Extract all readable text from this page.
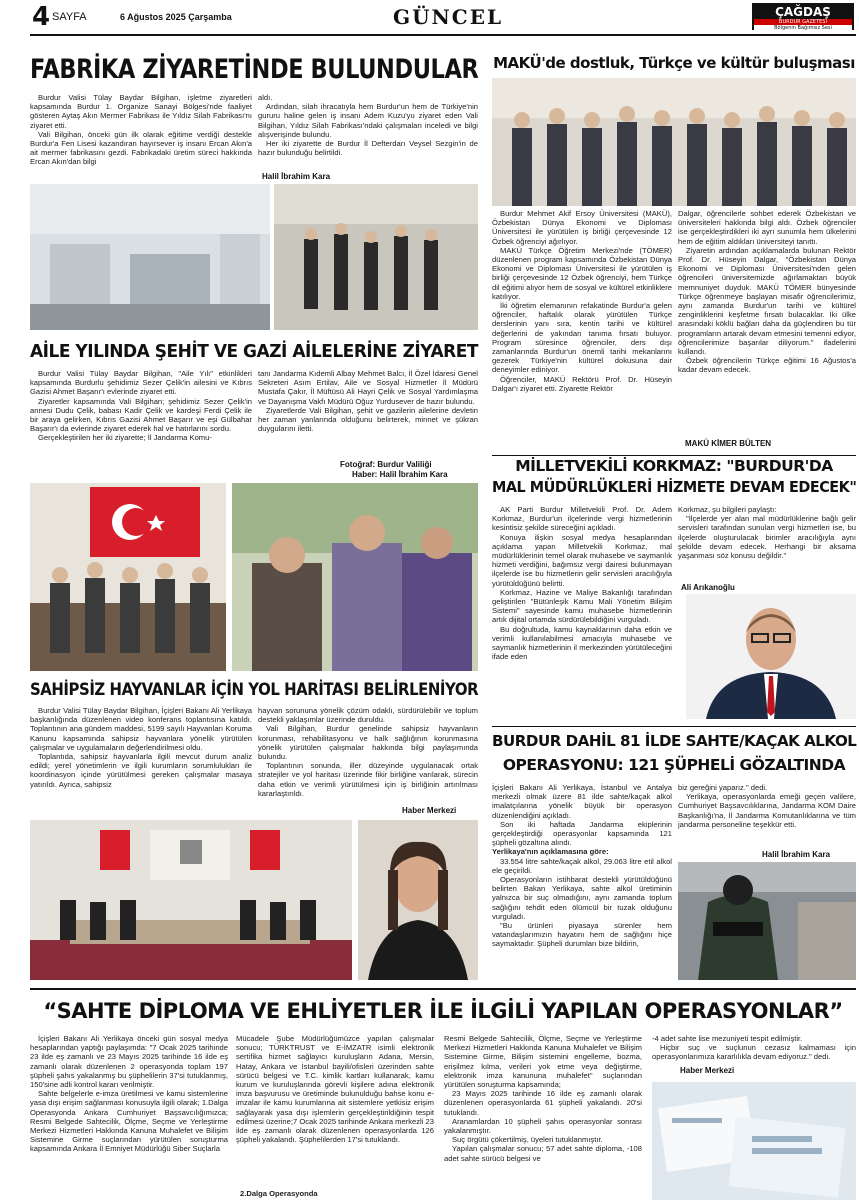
4 SAYFA	6 Ağustos 2025 Çarşamba	GÜNCEL	ÇAĞDAŞ
BURDUR GAZETESİ
Bölgenin Bağımsız Sesi
FABRİKA ZİYARETİNDE BULUNDULAR

Burdur Valisi Tülay Baydar Bilgihan, işletme ziyaretleri kapsamında Burdur 1. Organize Sanayi Bölgesi'nde faaliyet gösteren Aytaş Akın Mermer Fabrikası ile Yıldız Silah Fabrikası'nı ziyaret etti.

Vali Bilgihan, önceki gün ilk olarak eğitime verdiği destekle Burdur'a Fen Lisesi kazandıran hayırsever iş insanı Ercan Akın'a ait mermer fabrikasını gezdi. Fabrikadaki üretim süreci hakkında Ercan Akın'dan bilgi

aldı.

Ardından, silah ihracatıyla hem Burdur'un hem de Türkiye'nin gururu haline gelen iş insanı Adem Kuzu'yu ziyaret eden Vali Bilgihan, Yıldız Silah Fabrikası'ndaki çalışmaları inceledi ve bilgi alışverişinde bulundu.

Her iki ziyarette de Burdur İl Defterdarı Veysel Sezgin'in de hazır bulunduğu belirtildi.

Halil İbrahim Kara
MAKÜ'de dostluk, Türkçe ve kültür buluşması

Burdur Mehmet Akif Ersoy Üniversitesi (MAKÜ), Özbekistan Dünya Ekonomi ve Diploması Üniversitesi ile yürütülen iş birliği çerçevesinde 12 Özbek öğrenciyi ağırlıyor.

MAKÜ Türkçe Öğretim Merkezi'nde (TÖMER) düzenlenen program kapsamında Özbekistan Dünya Ekonomi ve Diploması Üniversitesi ile yürütülen iş birliği çerçevesinde 12 Özbek öğrenciyi, hem Türkçe dil eğitimi alıyor hem de sosyal ve kültürel etkinliklere katılıyor.

İki öğretim elemanının refakatinde Burdur'a gelen öğrenciler, haftalık olarak yürütülen Türkçe derslerinin yanı sıra, kentin tarihi ve kültürel değerlerini de yakından tanıma fırsatı buluyor. Program süresince öğrenciler, ders dışı zamanlarında Burdur'un önemli tarihi mekanlarını gezerek Türkiye'nin kültürel dokusuna dair deneyimler ediniyor.

Öğrenciler, MAKÜ Rektörü Prof. Dr. Hüseyin Dalgar'ı ziyaret etti. Ziyarette Rektör

Dalgar, öğrencilerle sohbet ederek Özbekistan ve üniversiteleri hakkında bilgi aldı. Özbek öğrenciler ise gerçekleştirdikleri iki ayrı sunumla hem ülkelerini hem de eğitim aldıkları üniversiteyi tanıttı.

Ziyaretin ardından açıklamalarda bulunan Rektör Prof. Dr. Hüseyin Dalgar, "Özbekistan Dünya Ekonomi ve Diploması Üniversitesi'nden gelen öğrencileri üniversitemizde ağırlamaktan büyük memnuniyet duyduk. MAKÜ TÖMER bünyesinde Türkçe öğrenmeye başlayan misafir öğrencilerimiz, aynı zamanda Burdur'un tarihi ve kültürel zenginliklerini keşfetme fırsatı bulacaklar. İki ülke arasındaki köklü bağları daha da güçlendiren bu tür programların artarak devam etmesini temenni ediyor, öğrencilerimize başarılar diliyorum." ifadelerini kullandı.

Özbek öğrencilerin Türkçe eğitimi 16 Ağustos'a kadar devam edecek.

MAKÜ KİMER BÜLTEN
AİLE YILINDA ŞEHİT VE GAZİ AİLELERİNE ZİYARET

Burdur Valisi Tülay Baydar Bilgihan, "Aile Yılı" etkinlikleri kapsamında Burdurlu şehidimiz Sezer Çelik'in ailesini ve Kıbrıs Gazisi Ahmet Başarır'ı evlerinde ziyaret etti.

Ziyaretler kapsamında Vali Bilgihan; şehidimiz Sezer Çelik'in annesi Dudu Çelik, babası Kadir Çelik ve kardeşi Ferdi Çelik ile bir araya gelirken, Kıbrıs Gazisi Ahmet Başarır ve eşi Gülbahar Başarır'ı da evlerinde ziyaret ederek hal ve hatırlarını sordu.

Gerçekleştirilen her iki ziyarette; İl Jandarma Komu-

tanı Jandarma Kıdemli Albay Mehmet Balcı, İl Özel İdaresi Genel Sekreteri Asım Ertilav, Aile ve Sosyal Hizmetler İl Müdürü Mustafa Çakır, İl Müftüsü Ali Hayri Çelik ve Sosyal Yardımlaşma ve Dayanışma Vakfı Müdürü Oğuz Yurdusever de hazır bulundu.

Ziyaretlerde Vali Bilgihan, şehit ve gazilerin ailelerine devletin her zaman yanlarında olduğunu belirterek, minnet ve şükran duygularını iletti.

Fotoğraf: Burdur Valiliği
Haber: Halil İbrahim Kara	MİLLETVEKİLİ KORKMAZ: "BURDUR'DA
MAL MÜDÜRLÜKLERİ HİZMETE DEVAM EDECEK"

AK Parti Burdur Milletvekili Prof. Dr. Adem Korkmaz, Burdur'un ilçelerinde vergi hizmetlerinin kesintisiz şekilde süreceğini açıkladı.

Konuya ilişkin sosyal medya hesaplarından açıklama yapan Milletvekili Korkmaz, mal müdürlüklerinin temel olarak muhasebe ve saymanlık hizmeti verdiğini, bağımsız vergi dairesi bulunmayan ilçelerde ise bu hizmetlerin gelir servisleri aracılığıyla yürütüldüğünü belirtti.

Korkmaz, Hazine ve Maliye Bakanlığı tarafından geliştirilen "Bütünleşik Kamu Mali Yönetim Bilişim Sistemi" sayesinde kamu muhasebe hizmetlerinin artık dijital ortamda sürdürülebildiğini vurguladı.

Bu doğrultuda, kamu kaynaklarının daha etkin ve verimli kullanılabilmesi amacıyla muhasebe ve saymanlık hizmetlerinin il merkezinden yürütüleceğini ifade eden

Korkmaz, şu bilgileri paylaştı:

"İlçelerde yer alan mal müdürlüklerine bağlı gelir servisleri tarafından sunulan vergi hizmetleri ise, bu ilçelerde oluşturulacak birimler aracılığıyla aynı şekilde devam edecek. Herhangi bir aksama yaşanması söz konusu değildir."

Ali Arıkanoğlu
SAHİPSİZ HAYVANLAR İÇİN YOL HARİTASI BELİRLENİYOR

Burdur Valisi Tülay Baydar Bilgihan, İçişleri Bakanı Ali Yerlikaya başkanlığında düzenlenen video konferans toplantısına katıldı. Toplantının ana gündem maddesi, 5199 sayılı Hayvanları Koruma Kanunu kapsamında sahipsiz hayvanlara yönelik yürütülen çalışmalar ve uygulamaların değerlendirilmesi oldu.

Toplantıda, sahipsiz hayvanlarla ilgili mevcut durum analiz edildi; yerel yönetimlerin ve ilgili kurumların sorumlulukları ile koordinasyon içinde yürütülmesi gereken çalışmalar masaya yatırıldı. Ayrıca, sahipsiz

hayvan sorununa yönelik çözüm odaklı, sürdürülebilir ve toplum destekli yaklaşımlar üzerinde duruldu.

Vali Bilgihan, Burdur genelinde sahipsiz hayvanların korunması, rehabilitasyonu ve halk sağlığının korunmasına yönelik yürütülen çalışmalar hakkında bilgi paylaşımında bulundu.

Toplantının sonunda, iller düzeyinde uygulanacak ortak stratejiler ve yol haritası üzerinde fikir birliğine varılarak, sürecin daha etkin ve verimli yürütülmesi için iş birliğinin artırılması kararlaştırıldı.

Haber Merkezi
BURDUR DAHİL 81 İLDE SAHTE/KAÇAK ALKOL
OPERASYONU: 121 ŞÜPHELİ GÖZALTINDA

İçişleri Bakanı Ali Yerlikaya, İstanbul ve Antalya merkezli olmak üzere 81 ilde sahte/kaçak alkol imalatçılarına yönelik büyük bir operasyon düzenlendiğini açıkladı.

Son iki haftada Jandarma ekiplerinin gerçekleştirdiği operasyonlar kapsamında 121 şüpheli gözaltına alındı.

Yerlikaya'nın açıklamasına göre:

33.554 litre sahte/kaçak alkol, 29.063 litre etil alkol ele geçirildi.

Operasyonların istihbarat destekli yürütüldüğünü belirten Bakan Yerlikaya, sahte alkol üretiminin yalnızca bir suç olmadığını, aynı zamanda toplum sağlığını tehdit eden ölümcül bir tuzak olduğunu vurguladı.

"Bu ürünleri piyasaya sürenler hem vatandaşlarımızın hayatını hem de sağlığını hiçe saymaktadır. Şüpheli durumları bize bildirin,

biz gereğini yaparız." dedi.

Yerlikaya, operasyonlarda emeği geçen valilere, Cumhuriyet Başsavcılıklarına, Jandarma KOM Daire Başkanlığı'na, İl Jandarma Komutanlıklarına ve tüm jandarma personeline teşekkür etti.

Halil İbrahim Kara
“SAHTE DİPLOMA VE EHLİYETLER İLE İLGİLİ YAPILAN OPERASYONLAR”

İçişleri Bakanı Ali Yerlikaya önceki gün sosyal medya hesaplarından yaptığı paylaşımda: "7 Ocak 2025 tarihinde 23 ilde eş zamanlı ve 23 Mayıs 2025 tarihinde 16 ilde eş zamanlı olarak düzenlenen 2 operasyonda toplam 197 şüpheli şahıs yakalanmış bu şüphelilerin 37'si tutuklanmış, 150'sine adli kontrol kararı verilmiştir.

Sahte belgelerle e-imza üretilmesi ve kamu sistemlerine yasa dışı erişim sağlanması konusuyla ilgili olarak; 1.Dalga Operasyonda Ankara Cumhuriyet Başsavcılığımızca; Resmi Belgede Sahtecilik, Ölçme, Seçme ve Yerleştirme Merkezi Hizmetleri Hakkında Kanuna Muhalefet ve Bilişim Sistemine Girme suçlarından yürütülen soruşturma kapsamında Ankara İl Emniyet Müdürlüğü Siber Suçlarla

Mücadele Şube Müdürlüğümüzce yapılan çalışmalar sonucu; TÜRKTRUST ve E-İMZATR isimli elektronik sertifika hizmet sağlayıcı kuruluşların Adana, Mersin, Hatay, Ankara ve İstanbul bayili/ofisleri üzerinden sahte sürücü belgesi ve T.C. kimlik kartları kullanarak, kamu kurum ve kuruluşlarında görevli kişilere adına elektronik imza başvurusu ve üretiminde bulunulduğu bahse konu e-imzalar ile kamu kurumlarına ait sistemlere yetkisiz erişim sağlayarak yasa dışı işlemlerin gerçekleştirildiğinin tespit edilmesi üzerine;7 Ocak 2025 tarihinde Ankara merkezli 23 ilde eş zamanlı olarak düzenlenen operasyonlarda 126 şüpheli yakalandı. Şüphelilerden 17'si tutuklandı.

2.Dalga Operasyonda

Resmi Belgede Sahtecilik, Ölçme, Seçme ve Yerleştirme Merkezi Hizmetleri Hakkında Kanuna Muhalefet ve Bilişim Sistemine Girme, Bilişim sistemini engelleme, bozma, erişilmez kılma, verileri yok etme veya değiştirme, elektronik imza kanununa muhalefet" suçlarından yürütülen soruşturma kapsamında;

23 Mayıs 2025 tarihinde 16 ilde eş zamanlı olarak düzenlenen operasyonlarda 61 şüpheli yakalandı. 20'si tutuklandı.

Aranamlardan 10 şüpheli şahıs operasyonlar sonrası yakalanmıştır.

Suç örgütü çökertilmiş, üyeleri tutuklanmıştır.

Yapılan çalışmalar sonucu; 57 adet sahte diploma, -108 adet sahte sürücü belgesi ve

-4 adet sahte lise mezuniyeti tespit edilmiştir.

Hiçbir suç ve suçlunun cezasız kalmaması için operasyonlarımıza kararlılıkla devam ediyoruz." dedi.

Haber Merkezi
